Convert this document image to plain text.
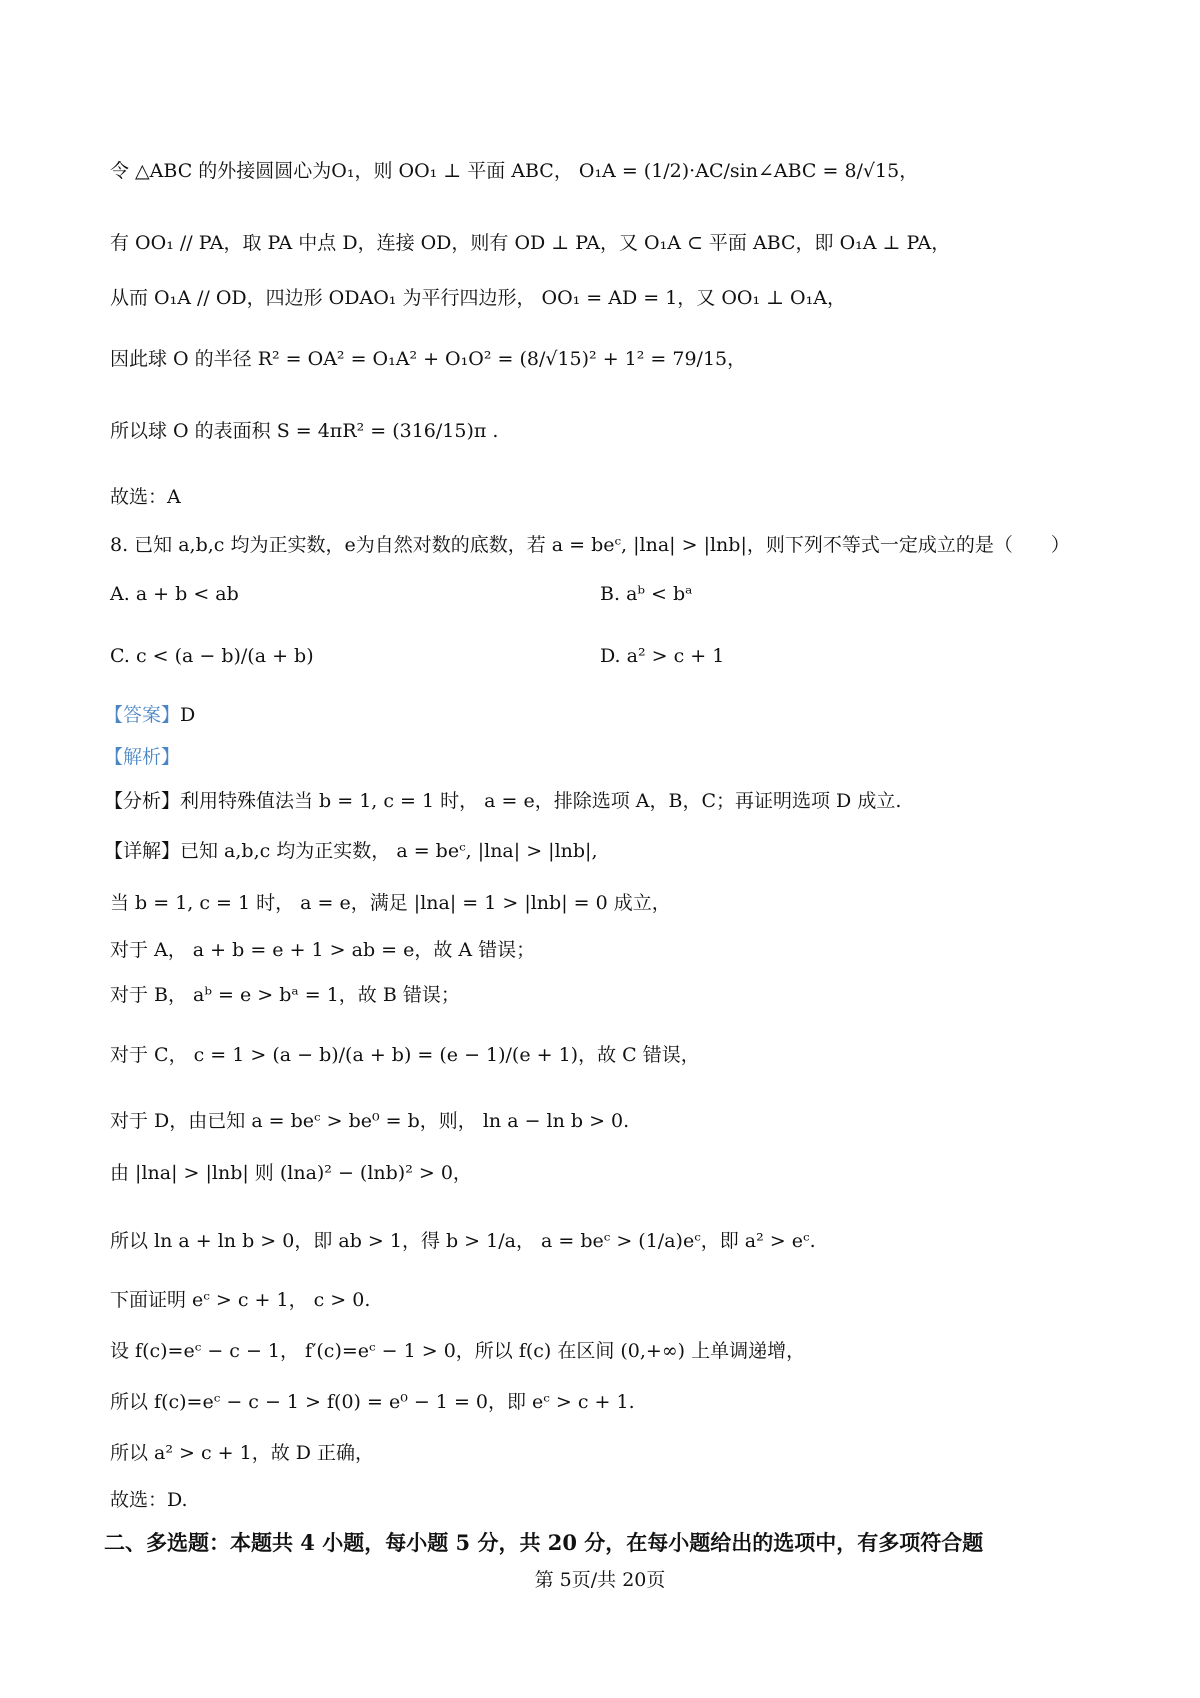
令 △ABC 的外接圆圆心为O₁，则 OO₁ ⊥ 平面 ABC， O₁A = (1/2)·AC/sin∠ABC = 8/√15，
有 OO₁ // PA，取 PA 中点 D，连接 OD，则有 OD ⊥ PA，又 O₁A ⊂ 平面 ABC，即 O₁A ⊥ PA，
从而 O₁A // OD，四边形 ODAO₁ 为平行四边形， OO₁ = AD = 1，又 OO₁ ⊥ O₁A，
因此球 O 的半径 R² = OA² = O₁A² + O₁O² = (8/√15)² + 1² = 79/15，
所以球 O 的表面积 S = 4πR² = (316/15)π .
故选：A
8. 已知 a,b,c 均为正实数，e为自然对数的底数，若 a = beᶜ, |lna| > |lnb|，则下列不等式一定成立的是（　　）
A. a + b < ab	B. aᵇ < bᵃ
C. c < (a − b)/(a + b)	D. a² > c + 1
【答案】D
【解析】
【分析】利用特殊值法当 b = 1, c = 1 时， a = e，排除选项 A，B，C；再证明选项 D 成立.
【详解】已知 a,b,c 均为正实数， a = beᶜ, |lna| > |lnb|,
当 b = 1, c = 1 时， a = e，满足 |lna| = 1 > |lnb| = 0 成立，
对于 A， a + b = e + 1 > ab = e，故 A 错误；
对于 B， aᵇ = e > bᵃ = 1，故 B 错误；
对于 C， c = 1 > (a − b)/(a + b) = (e − 1)/(e + 1)，故 C 错误，
对于 D，由已知 a = beᶜ > be⁰ = b，则， ln a − ln b > 0.
由 |lna| > |lnb| 则 (lna)² − (lnb)² > 0，
所以 ln a + ln b > 0，即 ab > 1，得 b > 1/a， a = beᶜ > (1/a)eᶜ，即 a² > eᶜ.
下面证明 eᶜ > c + 1， c > 0.
设 f(c)=eᶜ − c − 1， f′(c)=eᶜ − 1 > 0，所以 f(c) 在区间 (0,+∞) 上单调递增，
所以 f(c)=eᶜ − c − 1 > f(0) = e⁰ − 1 = 0，即 eᶜ > c + 1.
所以 a² > c + 1，故 D 正确，
故选：D.
二、多选题：本题共 4 小题，每小题 5 分，共 20 分，在每小题给出的选项中，有多项符合题
第 5页/共 20页
